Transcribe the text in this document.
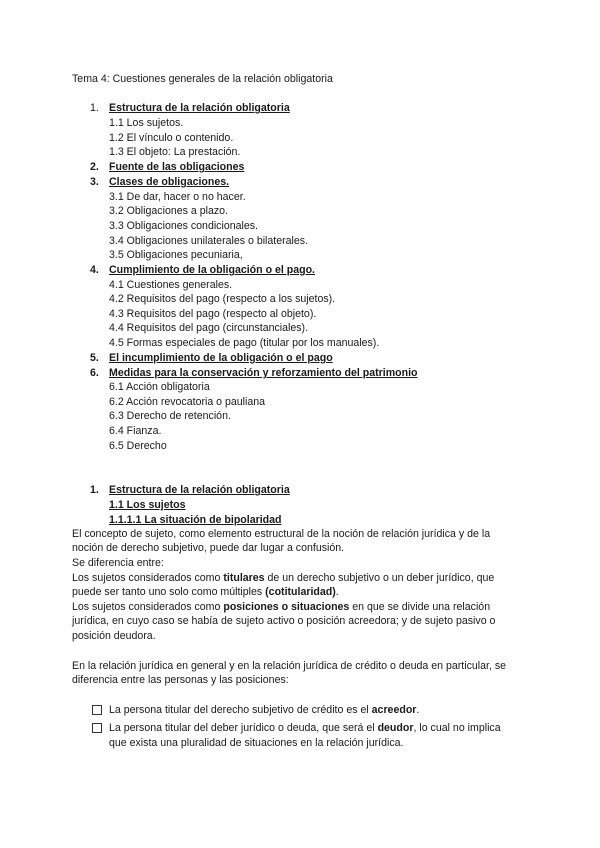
Tema 4: Cuestiones generales de la relación obligatoria
1. Estructura de la relación obligatoria
1.1 Los sujetos.
1.2 El vínculo o contenido.
1.3 El objeto: La prestación.
2. Fuente de las obligaciones
3. Clases de obligaciones.
3.1 De dar, hacer o no hacer.
3.2 Obligaciones a plazo.
3.3 Obligaciones condicionales.
3.4 Obligaciones unilaterales o bilaterales.
3.5 Obligaciones pecuniaria,
4. Cumplimiento de la obligación o el pago.
4.1 Cuestiones generales.
4.2 Requisitos del pago (respecto a los sujetos).
4.3 Requisitos del pago (respecto al objeto).
4.4 Requisitos del pago (circunstanciales).
4.5 Formas especiales de pago (titular por los manuales).
5. El incumplimiento de la obligación o el pago
6. Medidas para la conservación y reforzamiento del patrimonio
6.1 Acción obligatoria
6.2 Acción revocatoria o pauliana
6.3 Derecho de retención.
6.4 Fianza.
6.5 Derecho
1. Estructura de la relación obligatoria
1.1 Los sujetos
1.1.1.1 La situación de bipolaridad
El concepto de sujeto, como elemento estructural de la noción de relación jurídica y de la
noción de derecho subjetivo, puede dar lugar a confusión.
Se diferencia entre:
Los sujetos considerados como titulares de un derecho subjetivo o un deber jurídico, que
puede ser tanto uno solo como múltiples (cotitularidad).
Los sujetos considerados como posiciones o situaciones en que se divide una relación
jurídica, en cuyo caso se había de sujeto activo o posición acreedora; y de sujeto pasivo o
posición deudora.
En la relación jurídica en general y en la relación jurídica de crédito o deuda en particular, se
diferencia entre las personas y las posiciones:
La persona titular del derecho subjetivo de crédito es el acreedor.
La persona titular del deber jurídico o deuda, que será el deudor, lo cual no implica
que exista una pluralidad de situaciones en la relación jurídica.
